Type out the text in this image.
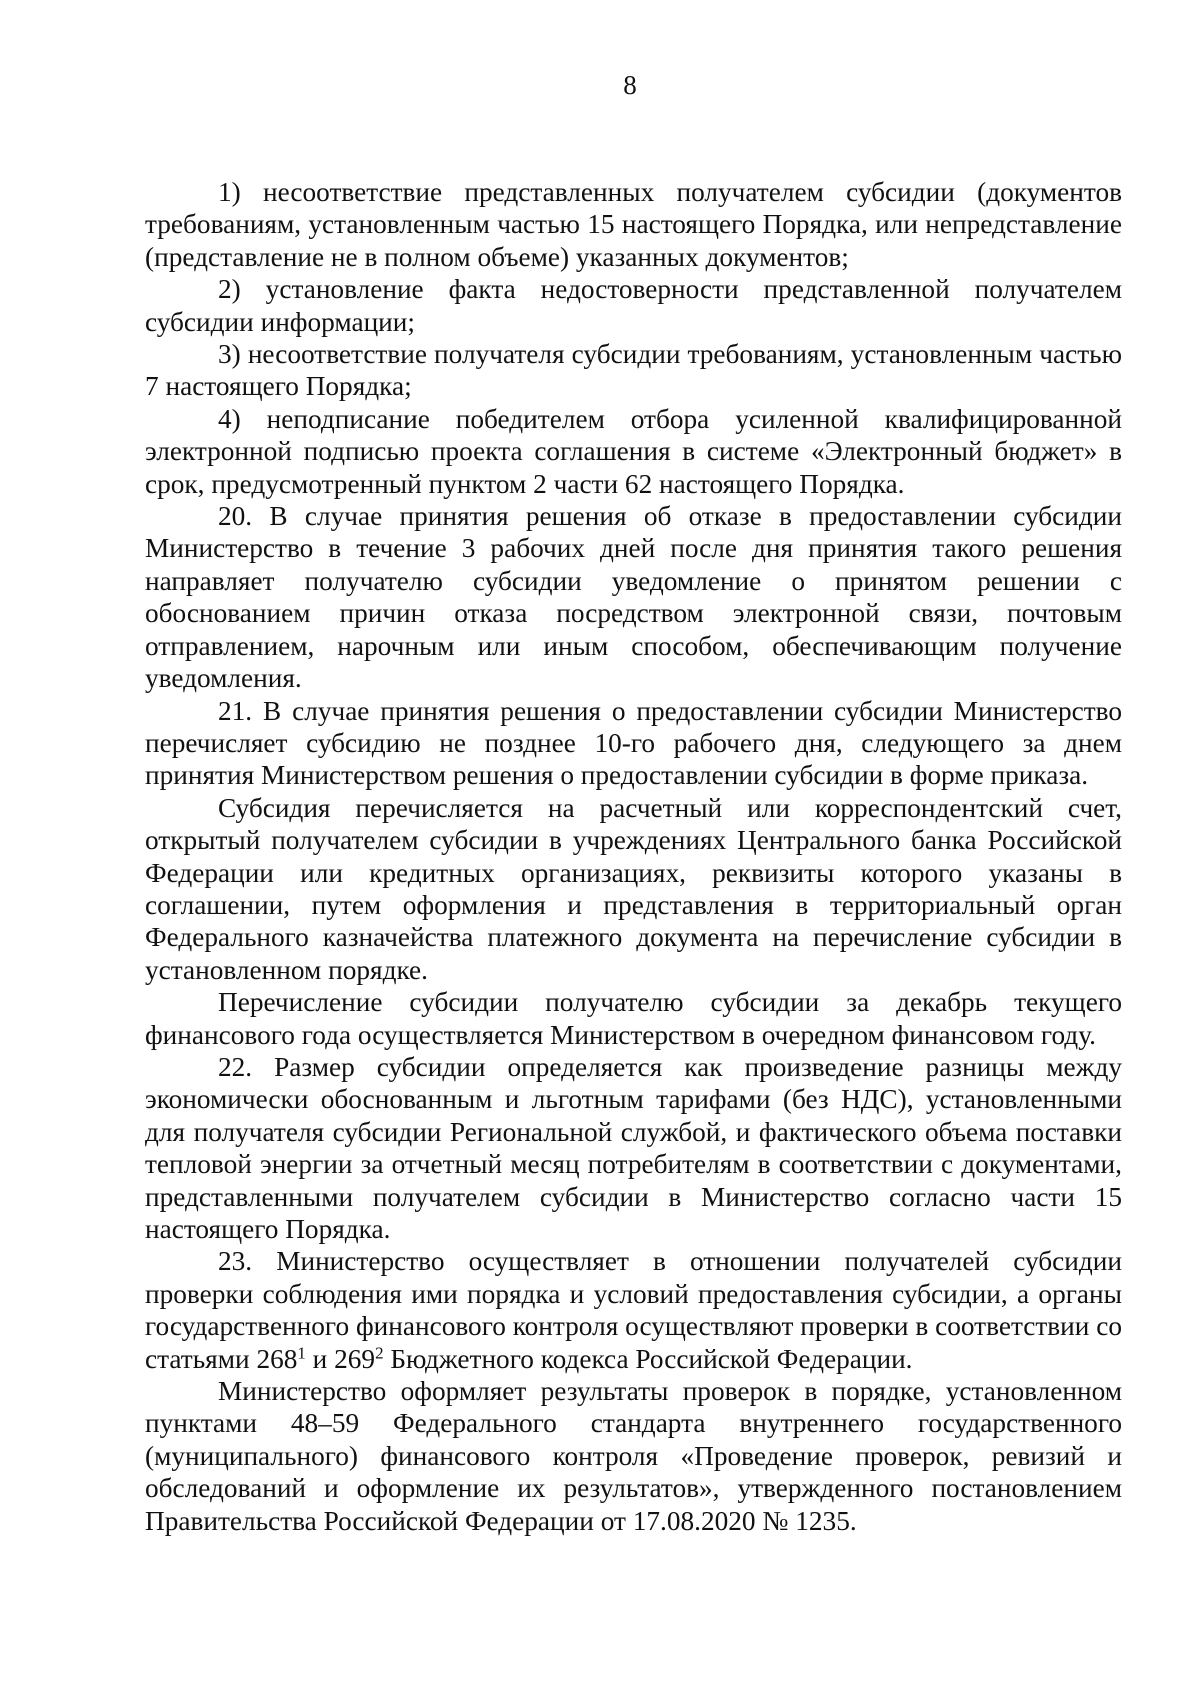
8

1) несоответствие представленных получателем субсидии (документов требованиям, установленным частью 15 настоящего Порядка, или непредставление (представление не в полном объеме) указанных документов;

2) установление факта недостоверности представленной получателем субсидии информации;

3) несоответствие получателя субсидии требованиям, установленным частью 7 настоящего Порядка;

4) неподписание победителем отбора усиленной квалифицированной электронной подписью проекта соглашения в системе «Электронный бюджет» в срок, предусмотренный пунктом 2 части 62 настоящего Порядка.

20. В случае принятия решения об отказе в предоставлении субсидии Министерство в течение 3 рабочих дней после дня принятия такого решения направляет получателю субсидии уведомление о принятом решении с обоснованием причин отказа посредством электронной связи, почтовым отправлением, нарочным или иным способом, обеспечивающим получение уведомления.

21. В случае принятия решения о предоставлении субсидии Министерство перечисляет субсидию не позднее 10-го рабочего дня, следующего за днем принятия Министерством решения о предоставлении субсидии в форме приказа.

Субсидия перечисляется на расчетный или корреспондентский счет, открытый получателем субсидии в учреждениях Центрального банка Российской Федерации или кредитных организациях, реквизиты которого указаны в соглашении, путем оформления и представления в территориальный орган Федерального казначейства платежного документа на перечисление субсидии в установленном порядке.

Перечисление субсидии получателю субсидии за декабрь текущего финансового года осуществляется Министерством в очередном финансовом году.

22. Размер субсидии определяется как произведение разницы между экономически обоснованным и льготным тарифами (без НДС), установленными для получателя субсидии Региональной службой, и фактического объема поставки тепловой энергии за отчетный месяц потребителям в соответствии с документами, представленными получателем субсидии в Министерство согласно части 15 настоящего Порядка.

23. Министерство осуществляет в отношении получателей субсидии проверки соблюдения ими порядка и условий предоставления субсидии, а органы государственного финансового контроля осуществляют проверки в соответствии со статьями $268^1$ и $269^2$ Бюджетного кодекса Российской Федерации.

Министерство оформляет результаты проверок в порядке, установленном пунктами 48–59 Федерального стандарта внутреннего государственного (муниципального) финансового контроля «Проведение проверок, ревизий и обследований и оформление их результатов», утвержденного постановлением Правительства Российской Федерации от 17.08.2020 № 1235.
